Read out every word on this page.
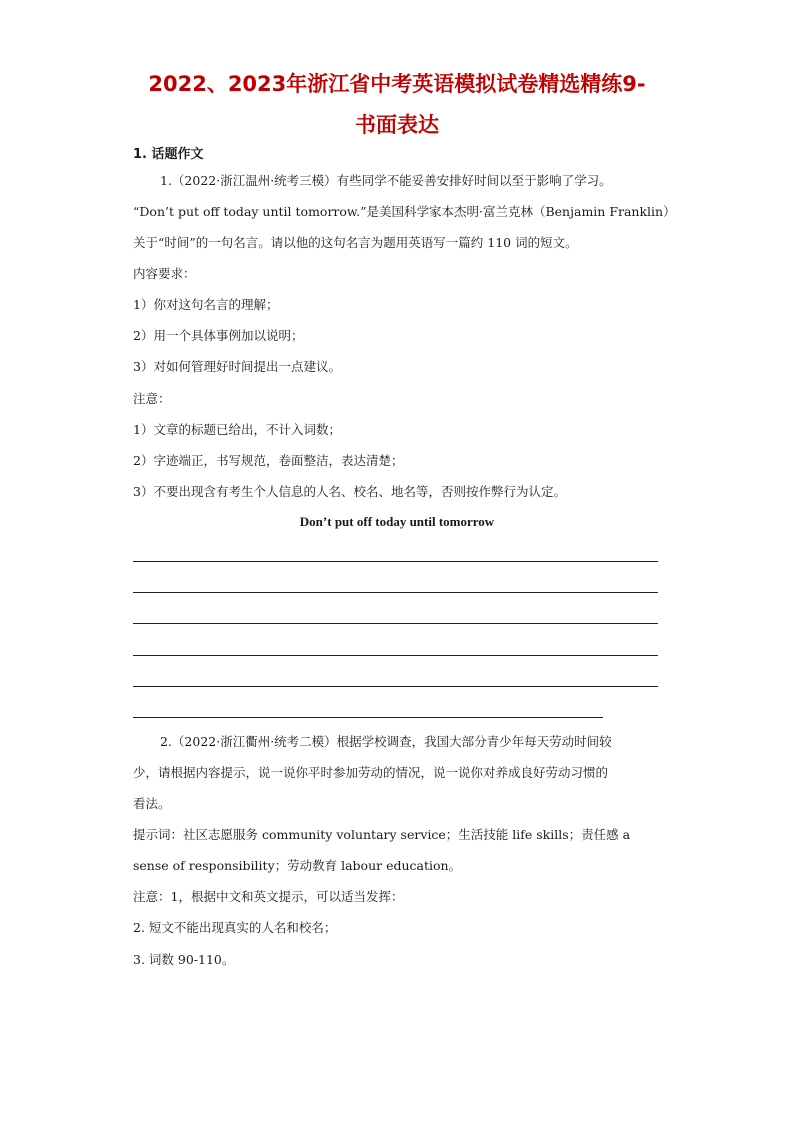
2022、2023年浙江省中考英语模拟试卷精选精练9-
书面表达
1. 话题作文
1.（2022·浙江温州·统考三模）有些同学不能妥善安排好时间以至于影响了学习。
“Don’t put off today until tomorrow.”是美国科学家本杰明·富兰克林（Benjamin Franklin）
关于“时间”的一句名言。请以他的这句名言为题用英语写一篇约 110 词的短文。
内容要求：
1）你对这句名言的理解；
2）用一个具体事例加以说明；
3）对如何管理好时间提出一点建议。
注意：
1）文章的标题已给出，不计入词数；
2）字迹端正，书写规范，卷面整洁，表达清楚；
3）不要出现含有考生个人信息的人名、校名、地名等，否则按作弊行为认定。
Don’t put off today until tomorrow
2.（2022·浙江衢州·统考二模）根据学校调查，我国大部分青少年每天劳动时间较
少，请根据内容提示，说一说你平时参加劳动的情况，说一说你对养成良好劳动习惯的
看法。
提示词：社区志愿服务 community voluntary service；生活技能 life skills；责任感 a
sense of responsibility；劳动教育 labour education。
注意：1，根据中文和英文提示，可以适当发挥：
2. 短文不能出现真实的人名和校名；
3. 词数 90-110。
